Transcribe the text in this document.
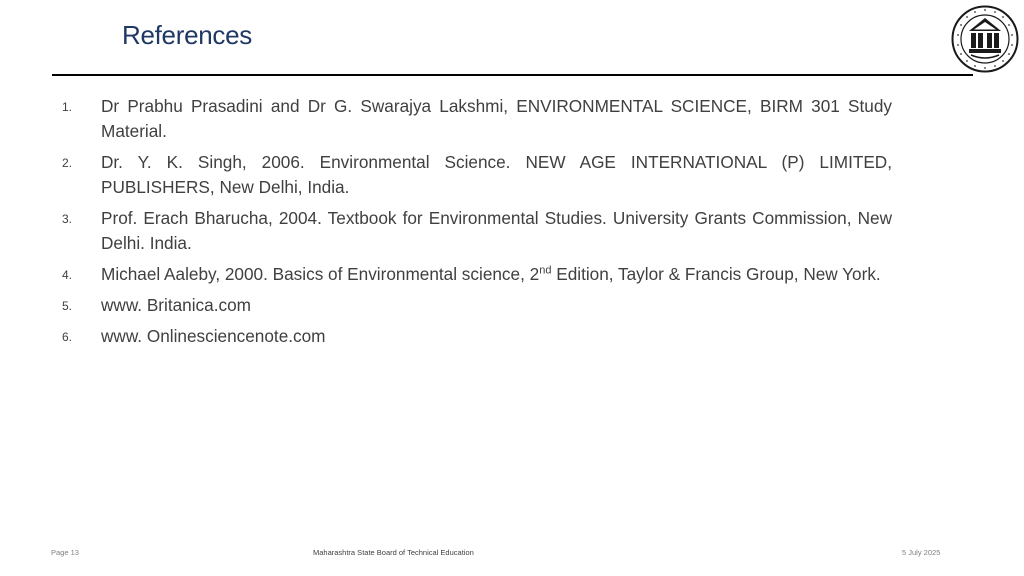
References
1. Dr Prabhu Prasadini and Dr G. Swarajya Lakshmi, ENVIRONMENTAL SCIENCE, BIRM 301 Study Material.
2. Dr. Y. K. Singh, 2006. Environmental Science. NEW AGE INTERNATIONAL (P) LIMITED, PUBLISHERS, New Delhi, India.
3. Prof. Erach Bharucha, 2004. Textbook for Environmental Studies. University Grants Commission, New Delhi. India.
4. Michael Aaleby, 2000. Basics of Environmental science, 2nd Edition, Taylor & Francis Group, New York.
5. www. Britanica.com
6. www. Onlinesciencenote.com
Page 13	Maharashtra State Board of Technical Education	5 July 2025
